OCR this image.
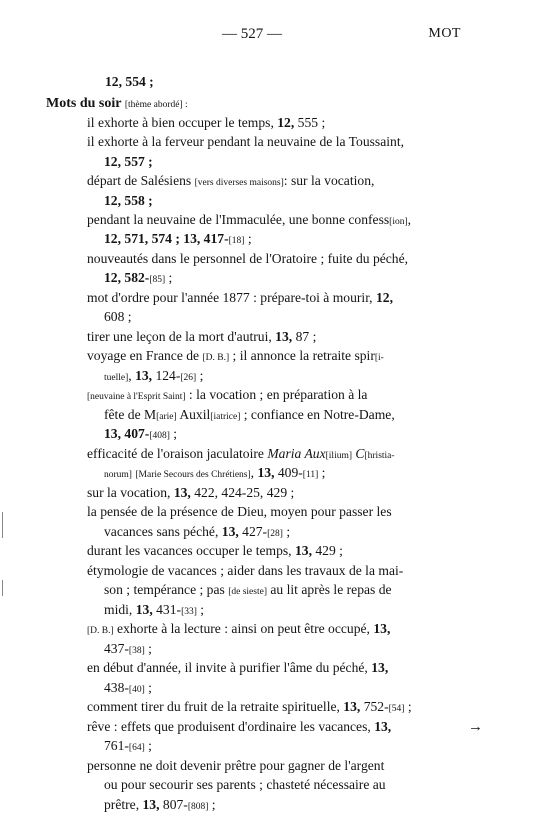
— 527 —	MOT
12, 554 ;
Mots du soir [thème abordé] :
il exhorte à bien occuper le temps, 12, 555 ;
il exhorte à la ferveur pendant la neuvaine de la Toussaint,
12, 557 ;
départ de Salésiens [vers diverses maisons]: sur la vocation,
12, 558 ;
pendant la neuvaine de l'Immaculée, une bonne confess[ion],
12, 571, 574 ; 13, 417-[18] ;
nouveautés dans le personnel de l'Oratoire ; fuite du péché,
12, 582-[85] ;
mot d'ordre pour l'année 1877 : prépare-toi à mourir, 12,
608 ;
tirer une leçon de la mort d'autrui, 13, 87 ;
voyage en France de [D. B.] ; il annonce la retraite spir[i-
tuelle], 13, 124-[26] ;
[neuvaine à l'Esprit Saint] : la vocation ; en préparation à la
fête de M[arie] Auxil[iatrice] ; confiance en Notre-Dame,
13, 407-[408] ;
efficacité de l'oraison jaculatoire Maria Aux[ilium] C[hristia-
norum] [Marie Secours des Chrétiens], 13, 409-[11] ;
sur la vocation, 13, 422, 424-25, 429 ;
la pensée de la présence de Dieu, moyen pour passer les
vacances sans péché, 13, 427-[28] ;
durant les vacances occuper le temps, 13, 429 ;
étymologie de vacances ; aider dans les travaux de la mai-
son ; tempérance ; pas [de sieste] au lit après le repas de
midi, 13, 431-[33] ;
[D. B.] exhorte à la lecture : ainsi on peut être occupé, 13,
437-[38] ;
en début d'année, il invite à purifier l'âme du péché, 13,
438-[40] ;
comment tirer du fruit de la retraite spirituelle, 13, 752-[54] ;
rêve : effets que produisent d'ordinaire les vacances, 13,
761-[64] ;
personne ne doit devenir prêtre pour gagner de l'argent
ou pour secourir ses parents ; chasteté nécessaire au
prêtre, 13, 807-[808] ;
→
